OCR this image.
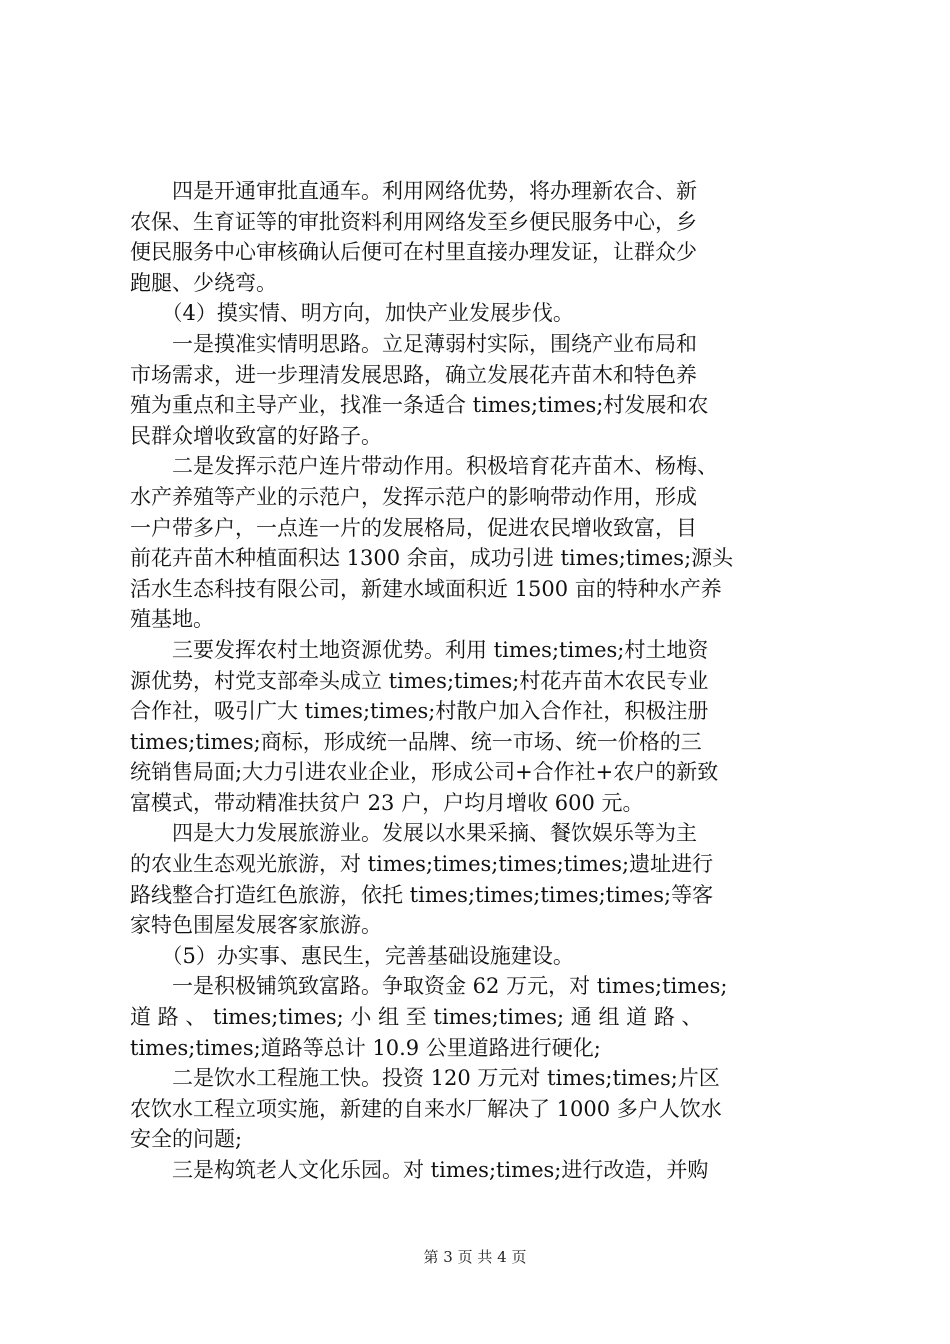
　　四是开通审批直通车。利用网络优势，将办理新农合、新
农保、生育证等的审批资料利用网络发至乡便民服务中心，乡
便民服务中心审核确认后便可在村里直接办理发证，让群众少
跑腿、少绕弯。
　　（4）摸实情、明方向，加快产业发展步伐。
　　一是摸准实情明思路。立足薄弱村实际，围绕产业布局和
市场需求，进一步理清发展思路，确立发展花卉苗木和特色养
殖为重点和主导产业，找准一条适合 times;times;村发展和农
民群众增收致富的好路子。
　　二是发挥示范户连片带动作用。积极培育花卉苗木、杨梅、
水产养殖等产业的示范户，发挥示范户的影响带动作用，形成
一户带多户，一点连一片的发展格局，促进农民增收致富，目
前花卉苗木种植面积达 1300 余亩，成功引进 times;times;源头
活水生态科技有限公司，新建水域面积近 1500 亩的特种水产养
殖基地。
　　三要发挥农村土地资源优势。利用 times;times;村土地资
源优势，村党支部牵头成立 times;times;村花卉苗木农民专业
合作社，吸引广大 times;times;村散户加入合作社，积极注册
times;times;商标，形成统一品牌、统一市场、统一价格的三
统销售局面;大力引进农业企业，形成公司+合作社+农户的新致
富模式，带动精准扶贫户 23 户，户均月增收 600 元。
　　四是大力发展旅游业。发展以水果采摘、餐饮娱乐等为主
的农业生态观光旅游，对 times;times;times;times;遗址进行
路线整合打造红色旅游，依托 times;times;times;times;等客
家特色围屋发展客家旅游。
　　（5）办实事、惠民生，完善基础设施建设。
　　一是积极铺筑致富路。争取资金 62 万元，对 times;times;
道 路 、 times;times; 小 组 至 times;times; 通 组 道 路 、
times;times;道路等总计 10.9 公里道路进行硬化;
　　二是饮水工程施工快。投资 120 万元对 times;times;片区
农饮水工程立项实施，新建的自来水厂解决了 1000 多户人饮水
安全的问题;
　　三是构筑老人文化乐园。对 times;times;进行改造，并购
第 3 页 共 4 页
